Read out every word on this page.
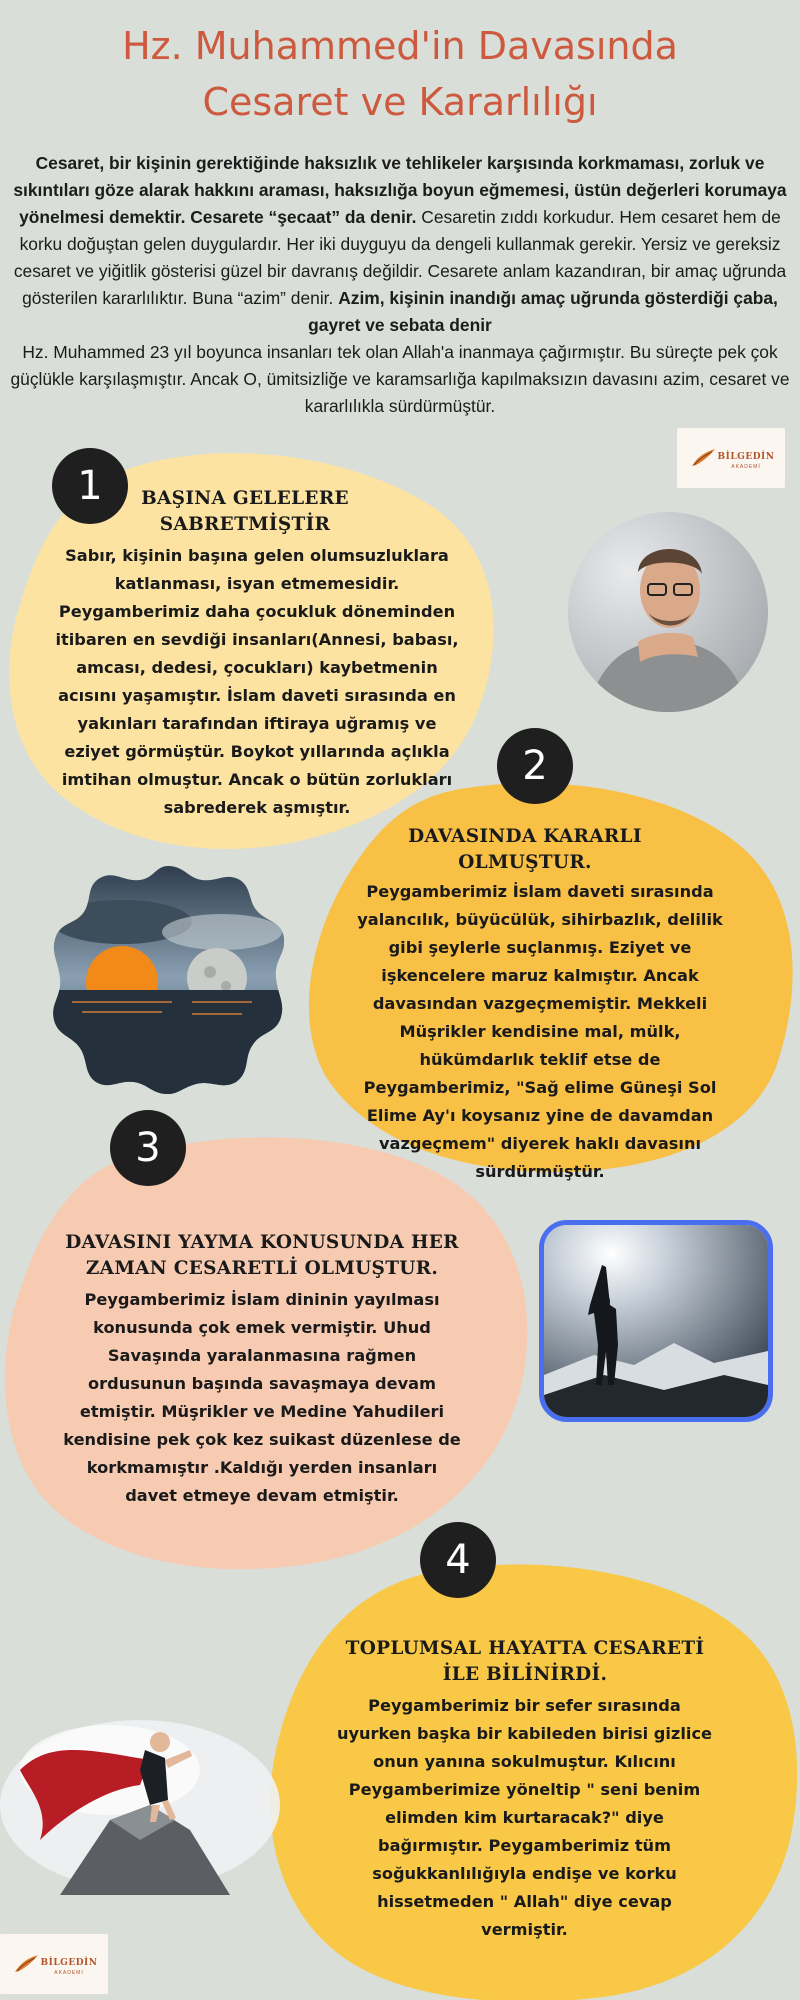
Hz. Muhammed'in Davasında
Cesaret ve Kararlılığı

Cesaret, bir kişinin gerektiğinde haksızlık ve tehlikeler karşısında korkmaması, zorluk ve sıkıntıları göze alarak hakkını araması, haksızlığa boyun eğmemesi, üstün değerleri korumaya yönelmesi demektir. Cesarete “şecaat” da denir. Cesaretin zıddı korkudur. Hem cesaret hem de korku doğuştan gelen duygulardır. Her iki duyguyu da dengeli kullanmak gerekir. Yersiz ve gereksiz cesaret ve yiğitlik gösterisi güzel bir davranış değildir. Cesarete anlam kazandıran, bir amaç uğrunda gösterilen kararlılıktır. Buna “azim” denir. Azim, kişinin inandığı amaç uğrunda gösterdiği çaba, gayret ve sebata denir

Hz. Muhammed 23 yıl boyunca insanları tek olan Allah'a inanmaya çağırmıştır. Bu süreçte pek çok güçlükle karşılaşmıştır. Ancak O, ümitsizliğe ve karamsarlığa kapılmaksızın davasını azim, cesaret ve kararlılıkla sürdürmüştür.

BİLGEDİN
AKADEMİ
1	BAŞINA GELELERE SABRETMİŞTİR

Sabır, kişinin başına gelen olumsuzluklara katlanması, isyan etmemesidir. Peygamberimiz daha çocukluk döneminden itibaren en sevdiği insanları(Annesi, babası, amcası, dedesi, çocukları) kaybetmenin acısını yaşamıştır. İslam daveti sırasında en yakınları tarafından iftiraya uğramış ve eziyet görmüştür. Boykot yıllarında açlıkla imtihan olmuştur. Ancak o bütün zorlukları sabrederek aşmıştır.

2
DAVASINDA KARARLI OLMUŞTUR.

Peygamberimiz İslam daveti sırasında yalancılık, büyücülük, sihirbazlık, delilik gibi şeylerle suçlanmış. Eziyet ve işkencelere maruz kalmıştır. Ancak davasından vazgeçmemiştir. Mekkeli Müşrikler kendisine mal, mülk, hükümdarlık teklif etse de Peygamberimiz, "Sağ elime Güneşi Sol Elime Ay'ı koysanız yine de davamdan vazgeçmem" diyerek haklı davasını sürdürmüştür.

3
DAVASINI YAYMA KONUSUNDA HER ZAMAN CESARETLİ OLMUŞTUR.

Peygamberimiz İslam dininin yayılması konusunda çok emek vermiştir. Uhud Savaşında yaralanmasına rağmen ordusunun başında savaşmaya devam etmiştir. Müşrikler ve Medine Yahudileri kendisine pek çok kez suikast düzenlese de korkmamıştır .Kaldığı yerden insanları davet etmeye devam etmiştir.

4
TOPLUMSAL HAYATTA CESARETİ İLE BİLİNİRDİ.

Peygamberimiz bir sefer sırasında uyurken başka bir kabileden birisi gizlice onun yanına sokulmuştur. Kılıcını Peygamberimize yöneltip " seni benim elimden kim kurtaracak?" diye bağırmıştır. Peygamberimiz tüm soğukkanlılığıyla endişe ve korku hissetmeden " Allah" diye cevap vermiştir.

BİLGEDİN
AKADEMİ
